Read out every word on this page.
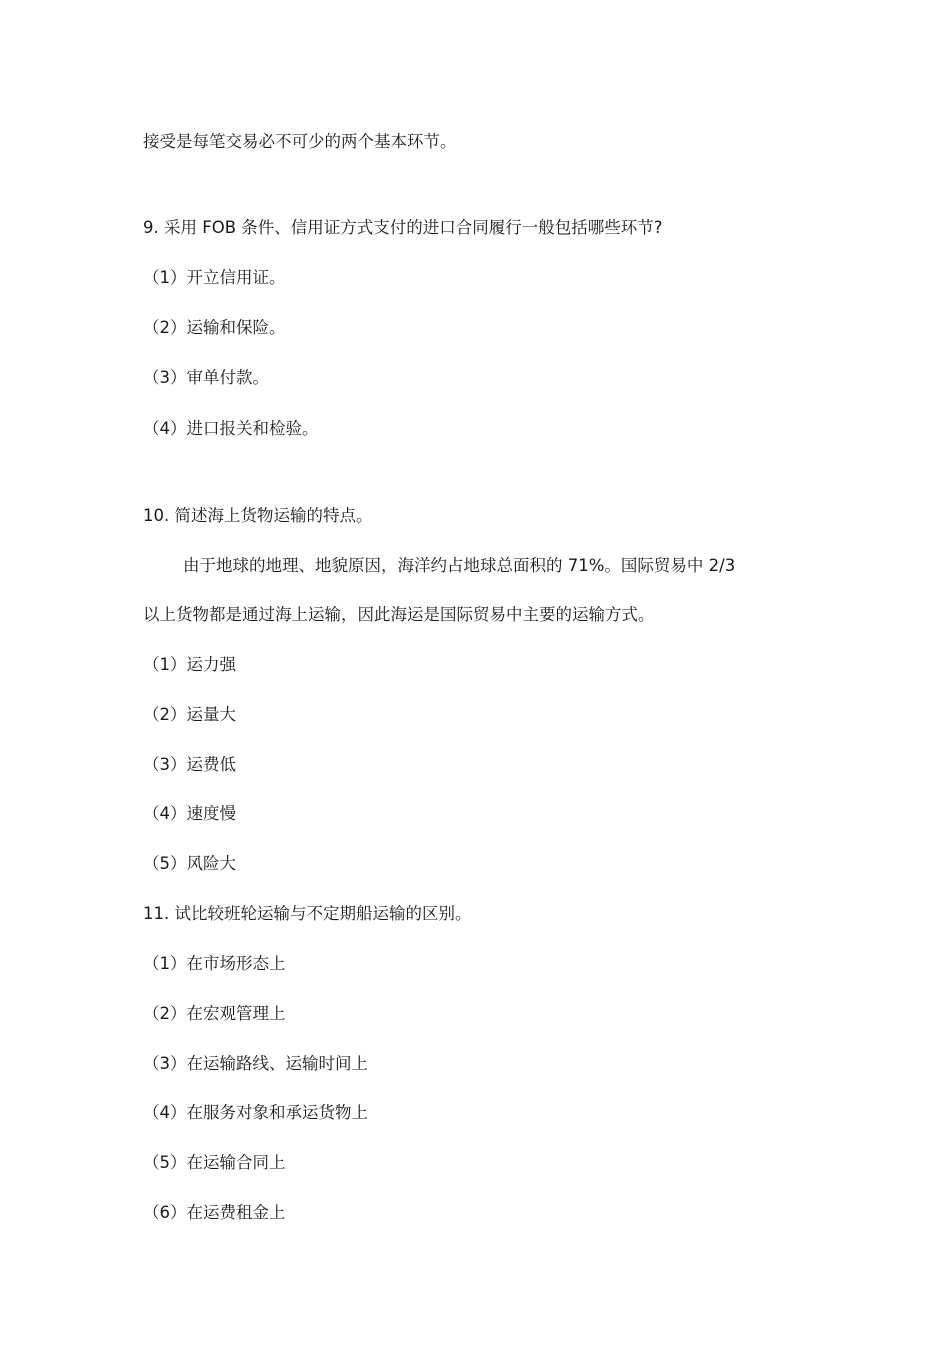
接受是每笔交易必不可少的两个基本环节。
9. 采用 FOB 条件、信用证方式支付的进口合同履行一般包括哪些环节?
（1）开立信用证。
（2）运输和保险。
（3）审单付款。
（4）进口报关和检验。
10. 简述海上货物运输的特点。
由于地球的地理、地貌原因，海洋约占地球总面积的 71%。国际贸易中 2/3
以上货物都是通过海上运输，因此海运是国际贸易中主要的运输方式。
（1）运力强
（2）运量大
（3）运费低
（4）速度慢
（5）风险大
11. 试比较班轮运输与不定期船运输的区别。
（1）在市场形态上
（2）在宏观管理上
（3）在运输路线、运输时间上
（4）在服务对象和承运货物上
（5）在运输合同上
（6）在运费租金上
